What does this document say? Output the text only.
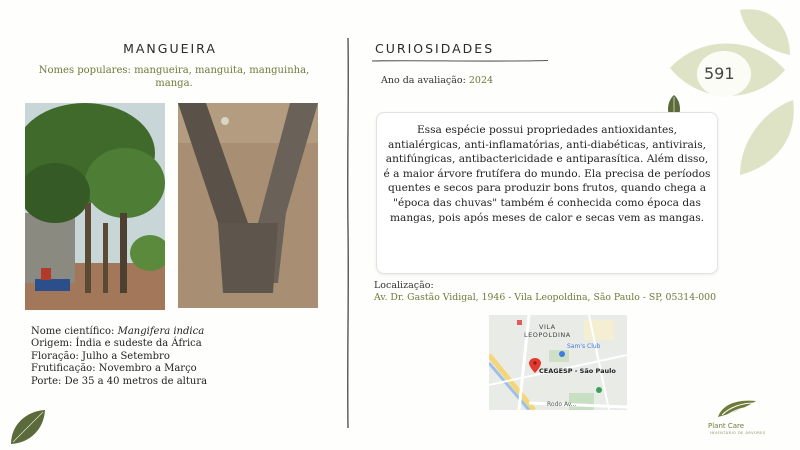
591
MANGUEIRA
Nomes populares: mangueira, manguita, manguinha, manga.
Nome científico: Mangifera indica
Origem: Índia e sudeste da África
Floração: Julho a Setembro
Frutificação: Novembro a Março
Porte: De 35 a 40 metros de altura
CURIOSIDADES
Ano da avaliação: 2024

Essa espécie possui propriedades antioxidantes, antialérgicas, anti-inflamatórias, anti-diabéticas, antivirais, antifúngicas, antibactericidade e antiparasítica. Além disso, é a maior árvore frutífera do mundo. Ela precisa de períodos quentes e secos para produzir bons frutos, quando chega a "época das chuvas" também é conhecida como época das mangas, pois após meses de calor e secas vem as mangas.

Localização:
Av. Dr. Gastão Vidigal, 1946 - Vila Leopoldina, São Paulo - SP, 05314-000
VILA
LEOPOLDINA
Sam's Club
CEAGESP - São Paulo
Rodo Av...
Plant Care
INVENTÁRIO DE ÁRVORES
